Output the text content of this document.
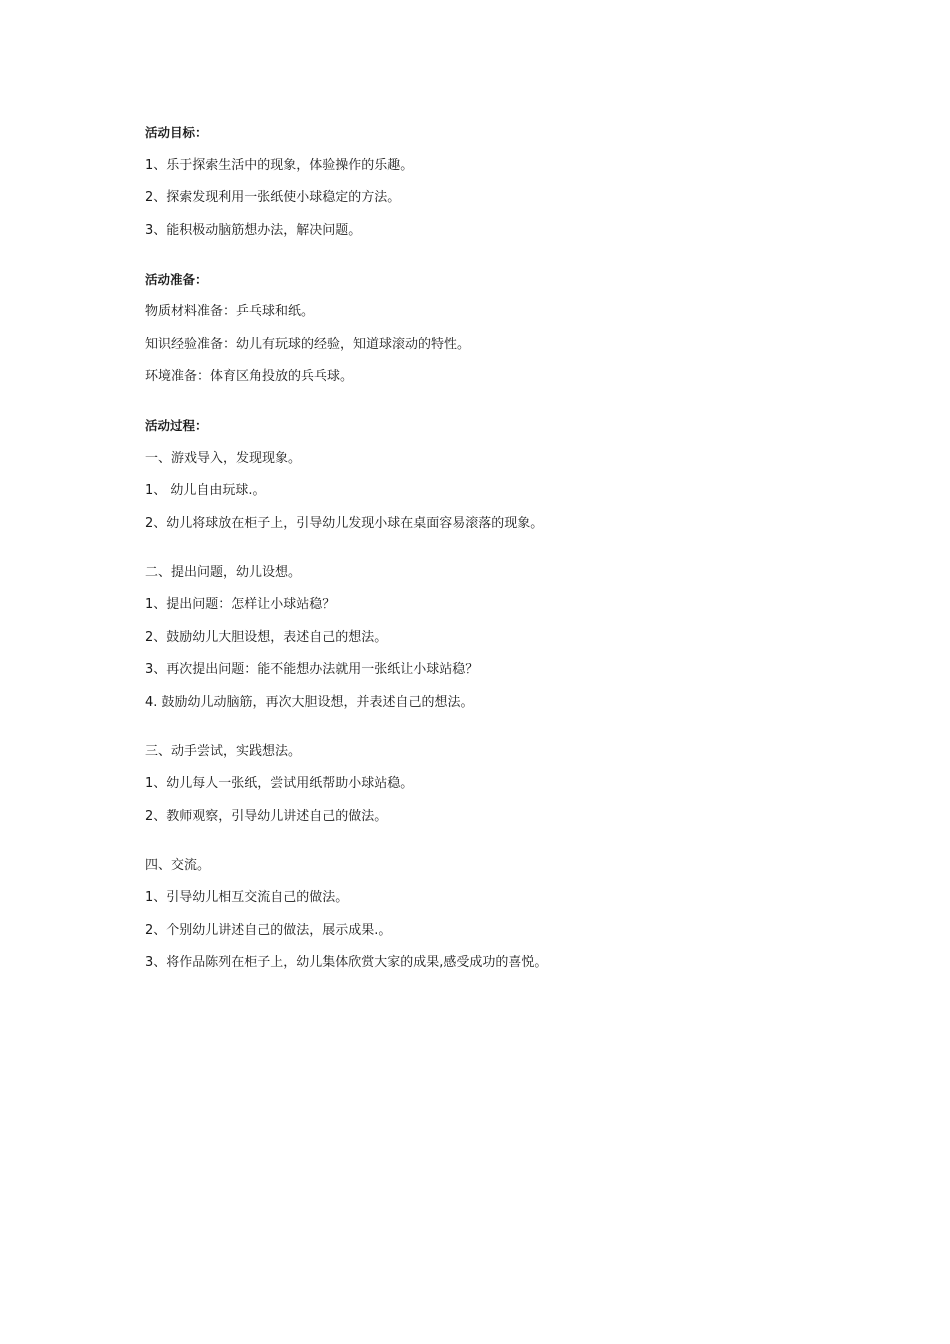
活动目标：
1、乐于探索生活中的现象，体验操作的乐趣。
2、探索发现利用一张纸使小球稳定的方法。
3、能积极动脑筋想办法，解决问题。
活动准备：
物质材料准备：乒乓球和纸。
知识经验准备：幼儿有玩球的经验，知道球滚动的特性。
环境准备：体育区角投放的兵乓球。
活动过程：
一、游戏导入，发现现象。
1、 幼儿自由玩球.。
2、幼儿将球放在柜子上，引导幼儿发现小球在桌面容易滚落的现象。
二、提出问题，幼儿设想。
1、提出问题：怎样让小球站稳？
2、鼓励幼儿大胆设想，表述自己的想法。
3、再次提出问题：能不能想办法就用一张纸让小球站稳？
4. 鼓励幼儿动脑筋，再次大胆设想，并表述自己的想法。
三、动手尝试，实践想法。
1、幼儿每人一张纸，尝试用纸帮助小球站稳。
2、教师观察，引导幼儿讲述自己的做法。
四、交流。
1、引导幼儿相互交流自己的做法。
2、个别幼儿讲述自己的做法，展示成果.。
3、将作品陈列在柜子上，幼儿集体欣赏大家的成果,感受成功的喜悦。
